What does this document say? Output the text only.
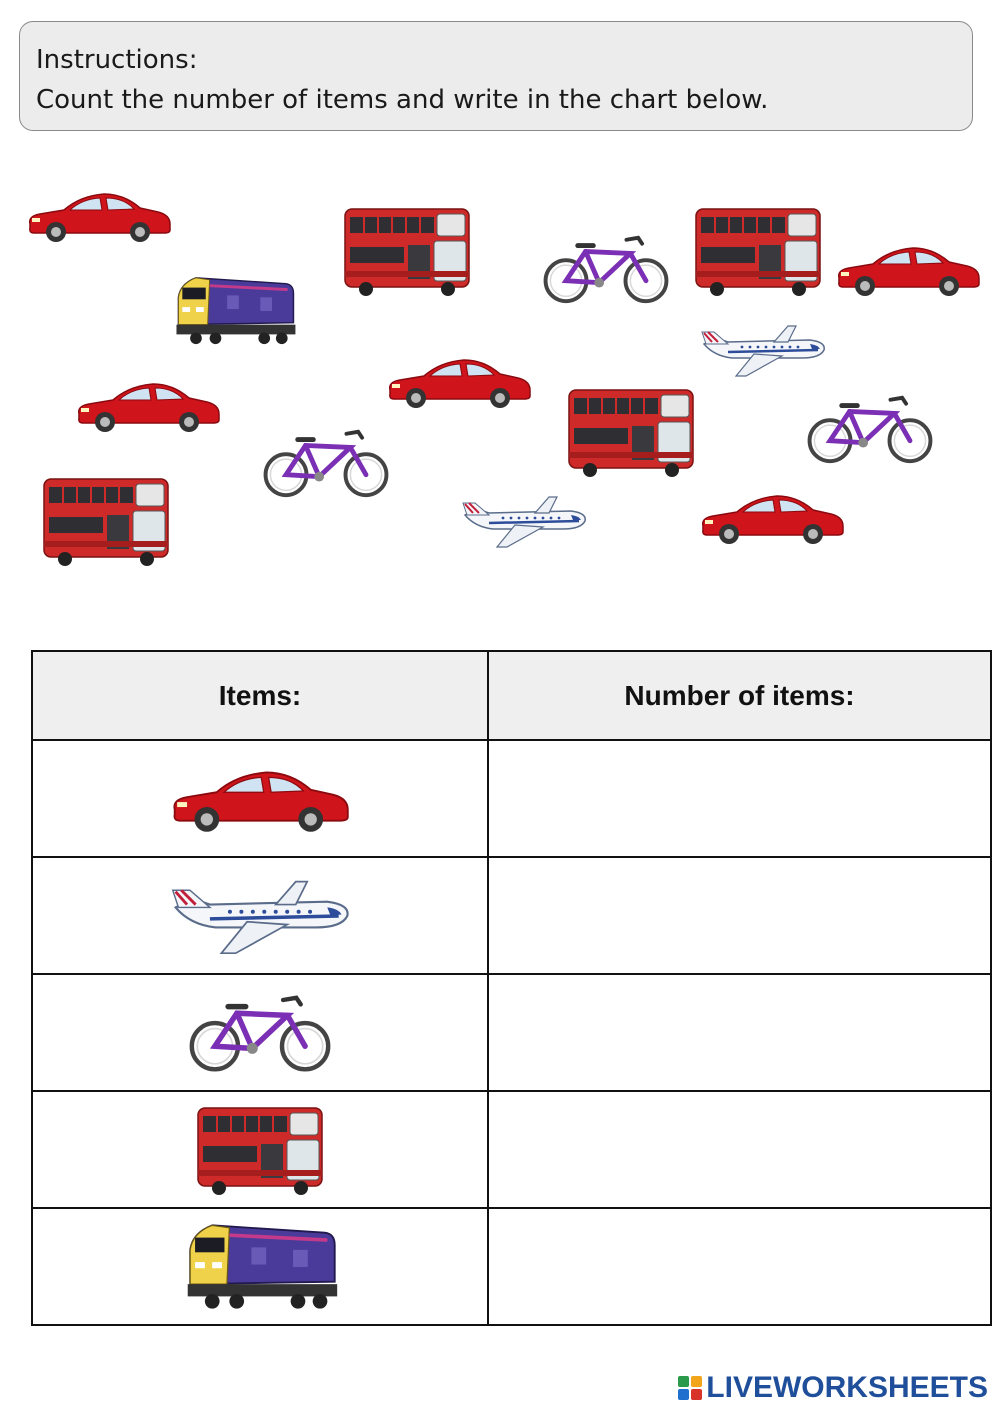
Instructions:
Count the number of items and write in the chart below.
Items:	Number of items:

LIVEWORKSHEETS
